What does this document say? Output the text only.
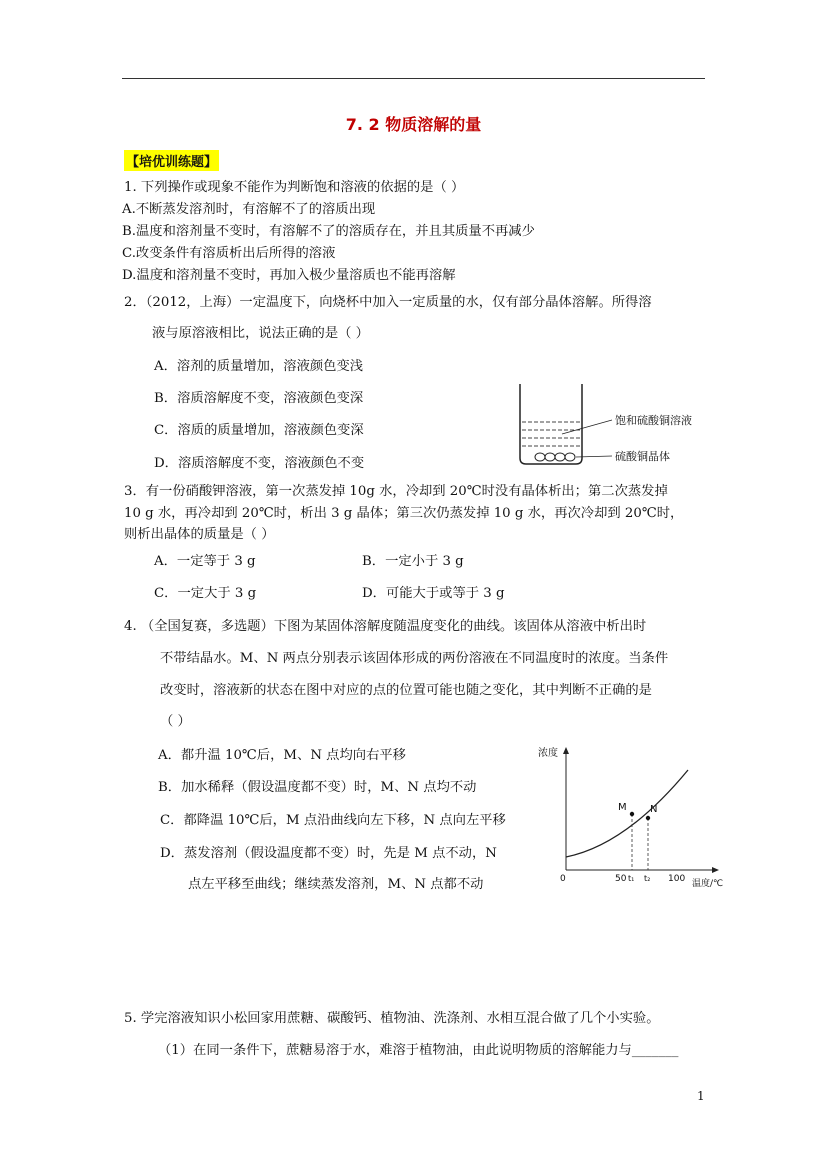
7. 2 物质溶解的量
【培优训练题】
1. 下列操作或现象不能作为判断饱和溶液的依据的是（ ）
A.不断蒸发溶剂时，有溶解不了的溶质出现
B.温度和溶剂量不变时，有溶解不了的溶质存在，并且其质量不再减少
C.改变条件有溶质析出后所得的溶液
D.温度和溶剂量不变时，再加入极少量溶质也不能再溶解
2．（2012，上海）一定温度下，向烧杯中加入一定质量的水，仅有部分晶体溶解。所得溶
液与原溶液相比，说法正确的是（ ）
A．溶剂的质量增加，溶液颜色变浅
B．溶质溶解度不变，溶液颜色变深
C．溶质的质量增加，溶液颜色变深
D．溶质溶解度不变，溶液颜色不变
饱和硫酸铜溶液
硫酸铜晶体
3．有一份硝酸钾溶液，第一次蒸发掉 10g 水，冷却到 20℃时没有晶体析出；第二次蒸发掉
10 g 水，再冷却到 20℃时，析出 3 g 晶体；第三次仍蒸发掉 10 g 水，再次冷却到 20℃时，
则析出晶体的质量是（ ）
A．一定等于 3 g	B．一定小于 3 g
C．一定大于 3 g	D．可能大于或等于 3 g
4. （全国复赛，多选题）下图为某固体溶解度随温度变化的曲线。该固体从溶液中析出时
不带结晶水。M、N 两点分别表示该固体形成的两份溶液在不同温度时的浓度。当条件
改变时，溶液新的状态在图中对应的点的位置可能也随之变化，其中判断不正确的是
（ ）
A．都升温 10℃后，M、N 点均向右平移
B．加水稀释（假设温度都不变）时，M、N 点均不动
C．都降温 10℃后，M 点沿曲线向左下移，N 点向左平移
D．蒸发溶剂（假设温度都不变）时，先是 M 点不动，N
点左平移至曲线；继续蒸发溶剂，M、N 点都不动
浓度
温度/℃
0	50 t₁ t₂ 100
M N
5. 学完溶液知识小松回家用蔗糖、碳酸钙、植物油、洗涤剂、水相互混合做了几个小实验。
（1）在同一条件下，蔗糖易溶于水，难溶于植物油，由此说明物质的溶解能力与_______
1
